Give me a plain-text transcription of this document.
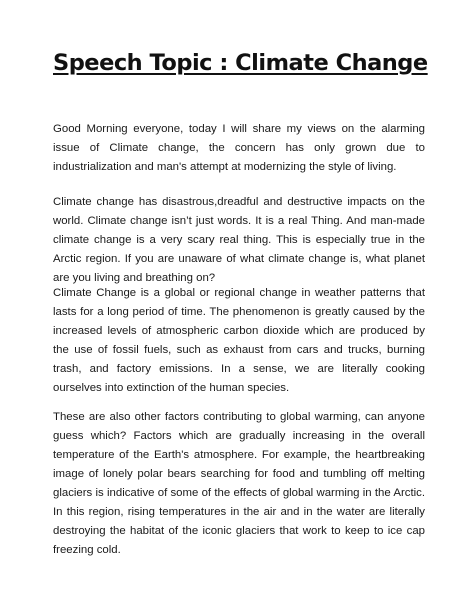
Speech Topic : Climate Change

Good Morning everyone, today I will share my views on the alarming issue of Climate change, the concern has only grown due to industrialization and man's attempt at modernizing the style of living.

Climate change has disastrous,dreadful and destructive impacts on the world. Climate change isn’t just words. It is a real Thing. And man-made climate change is a very scary real thing. This is especially true in the Arctic region. If you are unaware of what climate change is, what planet are you living and breathing on?

Climate Change is a global or regional change in weather patterns that lasts for a long period of time. The phenomenon is greatly caused by the increased levels of atmospheric carbon dioxide which are produced by the use of fossil fuels, such as exhaust from cars and trucks, burning trash, and factory emissions. In a sense, we are literally cooking ourselves into extinction of the human species.

These are also other factors contributing to global warming, can anyone guess which? Factors which are gradually increasing in the overall temperature of the Earth's atmosphere. For example, the heartbreaking image of lonely polar bears searching for food and tumbling off melting glaciers is indicative of some of the effects of global warming in the Arctic. In this region, rising temperatures in the air and in the water are literally destroying the habitat of the iconic glaciers that work to keep to ice cap freezing cold.
